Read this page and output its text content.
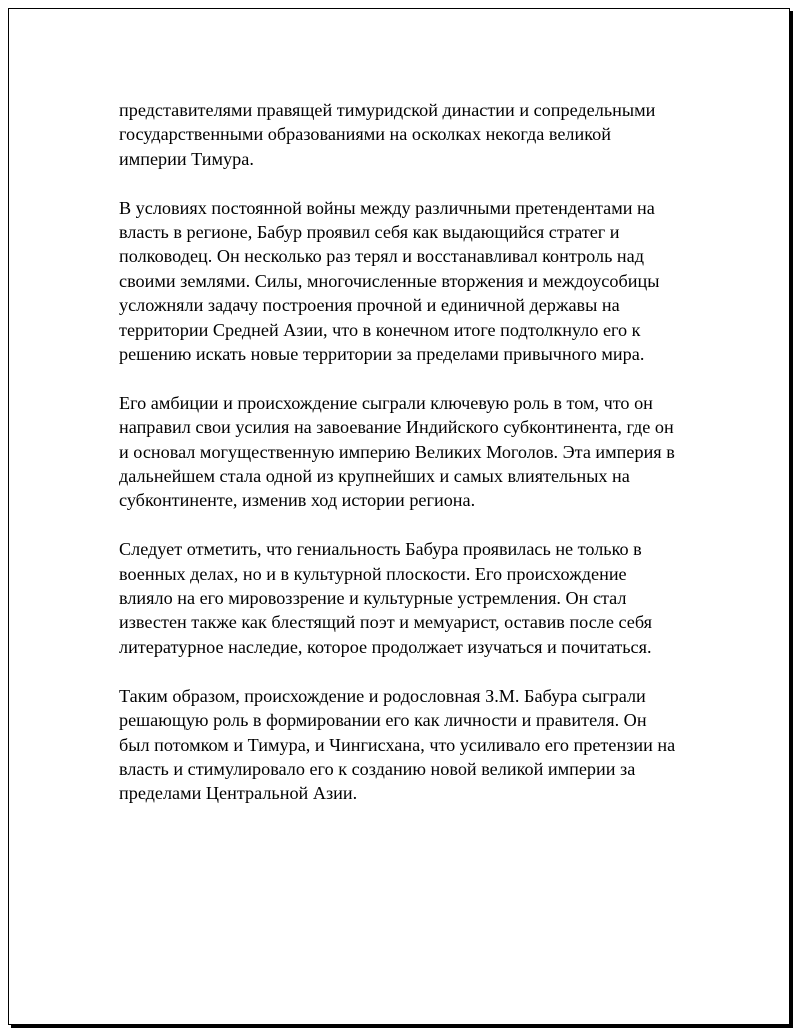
представителями правящей тимуридской династии и сопредельными
государственными образованиями на осколках некогда великой
империи Тимура.

В условиях постоянной войны между различными претендентами на
власть в регионе, Бабур проявил себя как выдающийся стратег и
полководец. Он несколько раз терял и восстанавливал контроль над
своими землями. Силы, многочисленные вторжения и междоусобицы
усложняли задачу построения прочной и единичной державы на
территории Средней Азии, что в конечном итоге подтолкнуло его к
решению искать новые территории за пределами привычного мира.

Его амбиции и происхождение сыграли ключевую роль в том, что он
направил свои усилия на завоевание Индийского субконтинента, где он
и основал могущественную империю Великих Моголов. Эта империя в
дальнейшем стала одной из крупнейших и самых влиятельных на
субконтиненте, изменив ход истории региона.

Следует отметить, что гениальность Бабура проявилась не только в
военных делах, но и в культурной плоскости. Его происхождение
влияло на его мировоззрение и культурные устремления. Он стал
известен также как блестящий поэт и мемуарист, оставив после себя
литературное наследие, которое продолжает изучаться и почитаться.

Таким образом, происхождение и родословная З.М. Бабура сыграли
решающую роль в формировании его как личности и правителя. Он
был потомком и Тимура, и Чингисхана, что усиливало его претензии на
власть и стимулировало его к созданию новой великой империи за
пределами Центральной Азии.
